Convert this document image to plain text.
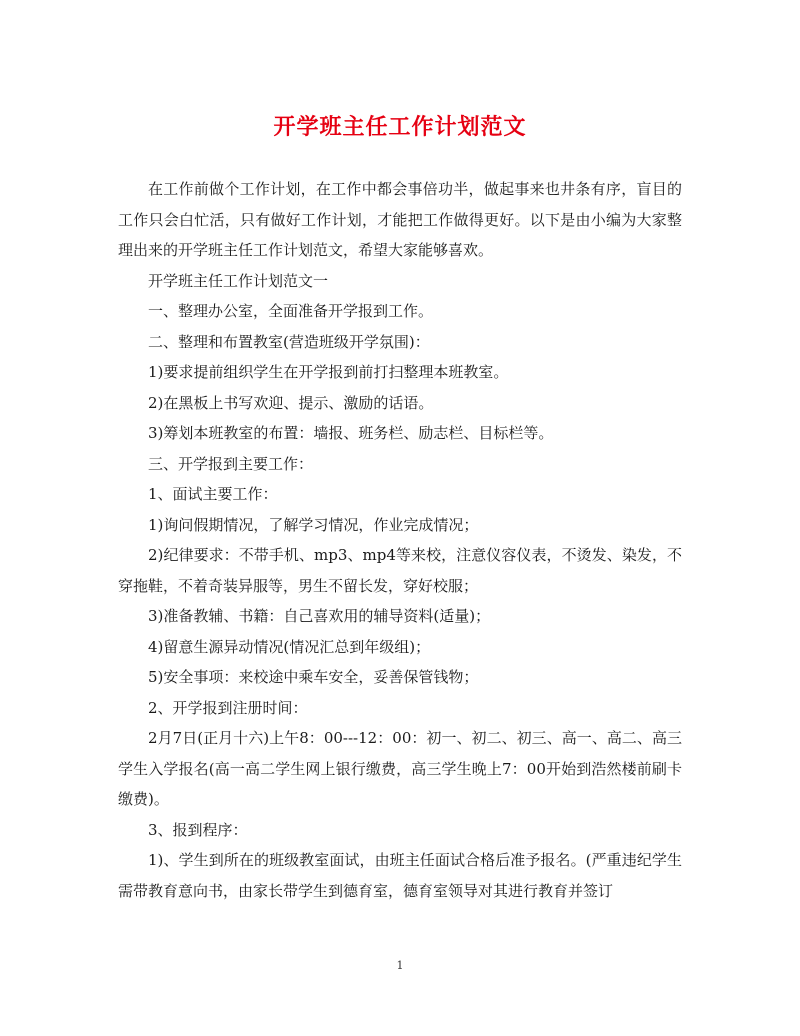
开学班主任工作计划范文

在工作前做个工作计划，在工作中都会事倍功半，做起事来也井条有序，盲目的工作只会白忙活，只有做好工作计划，才能把工作做得更好。以下是由小编为大家整理出来的开学班主任工作计划范文，希望大家能够喜欢。

开学班主任工作计划范文一

一、整理办公室，全面准备开学报到工作。

二、整理和布置教室(营造班级开学氛围)：

1)要求提前组织学生在开学报到前打扫整理本班教室。

2)在黑板上书写欢迎、提示、激励的话语。

3)筹划本班教室的布置：墙报、班务栏、励志栏、目标栏等。

三、开学报到主要工作：

1、面试主要工作：

1)询问假期情况，了解学习情况，作业完成情况；

2)纪律要求：不带手机、mp3、mp4等来校，注意仪容仪表，不烫发、染发，不穿拖鞋，不着奇装异服等，男生不留长发，穿好校服；

3)准备教辅、书籍：自己喜欢用的辅导资料(适量)；

4)留意生源异动情况(情况汇总到年级组)；

5)安全事项：来校途中乘车安全，妥善保管钱物；

2、开学报到注册时间：

2月7日(正月十六)上午8：00---12：00：初一、初二、初三、高一、高二、高三学生入学报名(高一高二学生网上银行缴费，高三学生晚上7：00开始到浩然楼前刷卡缴费)。

3、报到程序：

1)、学生到所在的班级教室面试，由班主任面试合格后准予报名。(严重违纪学生需带教育意向书，由家长带学生到德育室，德育室领导对其进行教育并签订

1
